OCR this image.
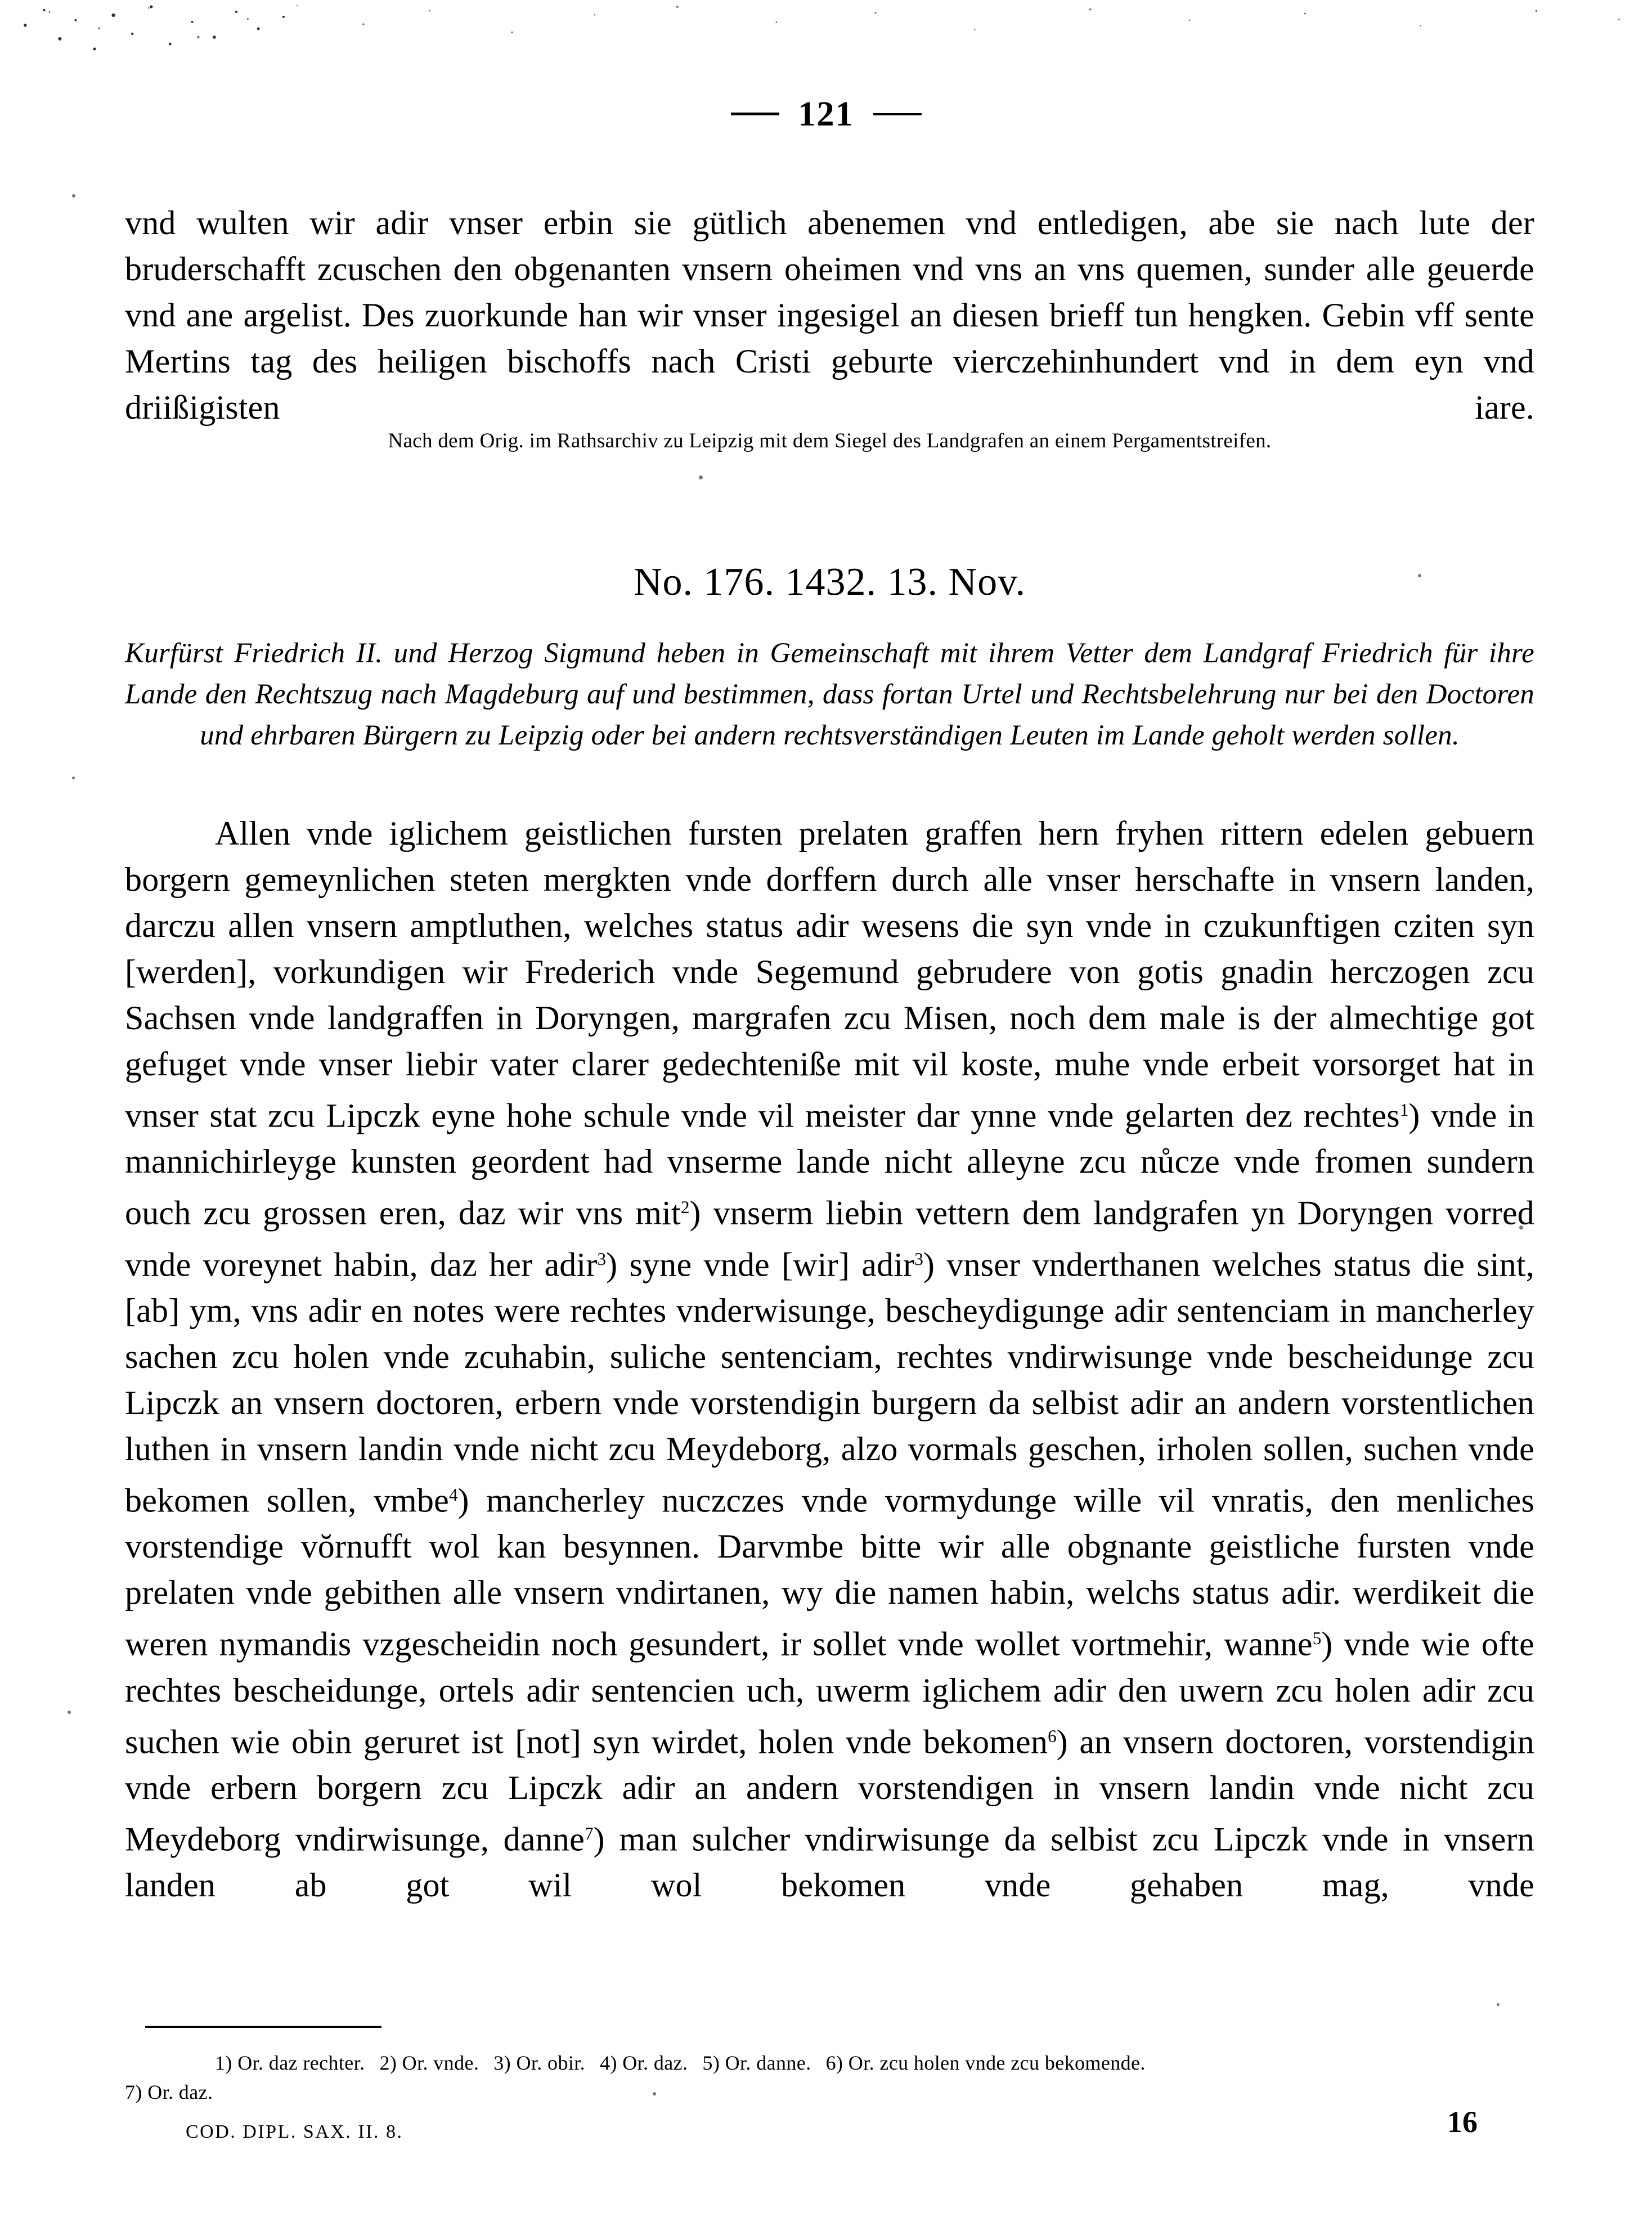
121
vnd wulten wir adir vnser erbin sie gütlich abenemen vnd entledigen, abe sie nach lute der bruderschafft zcuschen den obgenanten vnsern oheimen vnd vns an vns quemen, sunder alle geuerde vnd ane argelist. Des zuorkunde han wir vnser ingesigel an diesen brieff tun hengken. Gebin vff sente Mertins tag des heiligen bischoffs nach Cristi geburte vierczehinhundert vnd in dem eyn vnd driißigisten iare.
Nach dem Orig. im Rathsarchiv zu Leipzig mit dem Siegel des Landgrafen an einem Pergamentstreifen.
No. 176. 1432. 13. Nov.
Kurfürst Friedrich II. und Herzog Sigmund heben in Gemeinschaft mit ihrem Vetter dem Landgraf Friedrich für ihre Lande den Rechtszug nach Magdeburg auf und bestimmen, dass fortan Urtel und Rechtsbelehrung nur bei den Doctoren und ehrbaren Bürgern zu Leipzig oder bei andern rechtsverständigen Leuten im Lande geholt werden sollen.
Allen vnde iglichem geistlichen fursten prelaten graffen hern fryhen rittern edelen gebuern borgern gemeynlichen steten mergkten vnde dorffern durch alle vnser herschafte in vnsern landen, darczu allen vnsern amptluthen, welches status adir wesens die syn vnde in czukunftigen cziten syn [werden], vorkundigen wir Frederich vnde Segemund gebrudere von gotis gnadin herczogen zcu Sachsen vnde landgraffen in Doryngen, margrafen zcu Misen, noch dem male is der almechtige got gefuget vnde vnser liebir vater clarer gedechteniße mit vil koste, muhe vnde erbeit vorsorget hat in vnser stat zcu Lipczk eyne hohe schule vnde vil meister dar ynne vnde gelarten dez rechtes$^1$) vnde in mannichirleyge kunsten geordent had vnserme lande nicht alleyne zcu nůcze vnde fromen sundern ouch zcu grossen eren, daz wir vns mit$^2$) vnserm liebin vettern dem landgrafen yn Doryngen vorred vnde voreynet habin, daz her adir$^3$) syne vnde [wir] adir$^3$) vnser vnderthanen welches status die sint, [ab] ym, vns adir en notes were rechtes vnderwisunge, bescheydigunge adir sentenciam in mancherley sachen zcu holen vnde zcuhabin, suliche sentenciam, rechtes vndirwisunge vnde bescheidunge zcu Lipczk an vnsern doctoren, erbern vnde vorstendigin burgern da selbist adir an andern vorstentlichen luthen in vnsern landin vnde nicht zcu Meydeborg, alzo vormals geschen, irholen sollen, suchen vnde bekomen sollen, vmbe$^4$) mancherley nuczczes vnde vormydunge wille vil vnratis, den menliches vorstendige vŏrnufft wol kan besynnen. Darvmbe bitte wir alle obgnante geistliche fursten vnde prelaten vnde gebithen alle vnsern vndirtanen, wy die namen habin, welchs status adir. werdikeit die weren nymandis vzgescheidin noch gesundert, ir sollet vnde wollet vortmehir, wanne$^5$) vnde wie ofte rechtes bescheidunge, ortels adir sentencien uch, uwerm iglichem adir den uwern zcu holen adir zcu suchen wie obin geruret ist [not] syn wirdet, holen vnde bekomen$^6$) an vnsern doctoren, vorstendigin vnde erbern borgern zcu Lipczk adir an andern vorstendigen in vnsern landin vnde nicht zcu Meydeborg vndirwisunge, danne$^7$) man sulcher vndirwisunge da selbist zcu Lipczk vnde in vnsern landen ab got wil wol bekomen vnde gehaben mag, vnde
1) Or. daz rechter. 2) Or. vnde. 3) Or. obir. 4) Or. daz. 5) Or. danne. 6) Or. zcu holen vnde zcu bekomende.
7) Or. daz.
COD. DIPL. SAX. II. 8.	16
